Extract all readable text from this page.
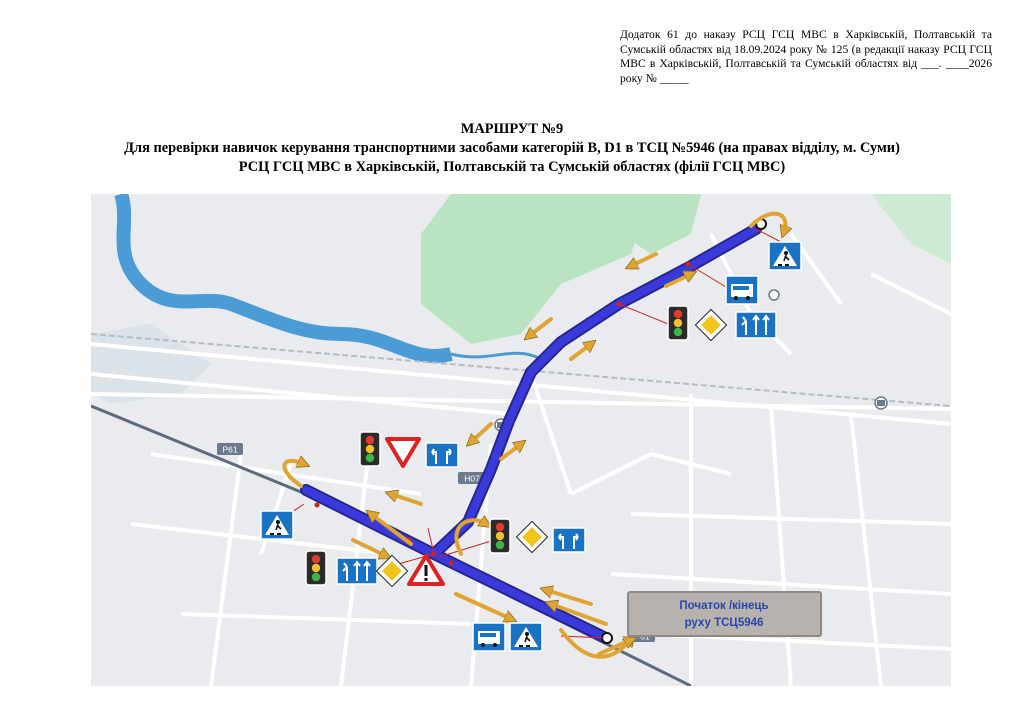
Додаток 61 до наказу РСЦ ГСЦ МВС в Харківській, Полтавській та Сумській областях від 18.09.2024 року № 125 (в редакції наказу РСЦ ГСЦ МВС в Харківській, Полтавській та Сумській областях від ___. ____2026 року № _____
МАРШРУТ №9
Для перевірки навичок керування транспортними засобами категорій В, D1 в ТСЦ №5946 (на правах відділу, м. Суми)
РСЦ ГСЦ МВС в Харківській, Полтавській та Сумській областях (філії ГСЦ МВС)
Р61
Н07
Початок /кінець
руху ТСЦ5946
